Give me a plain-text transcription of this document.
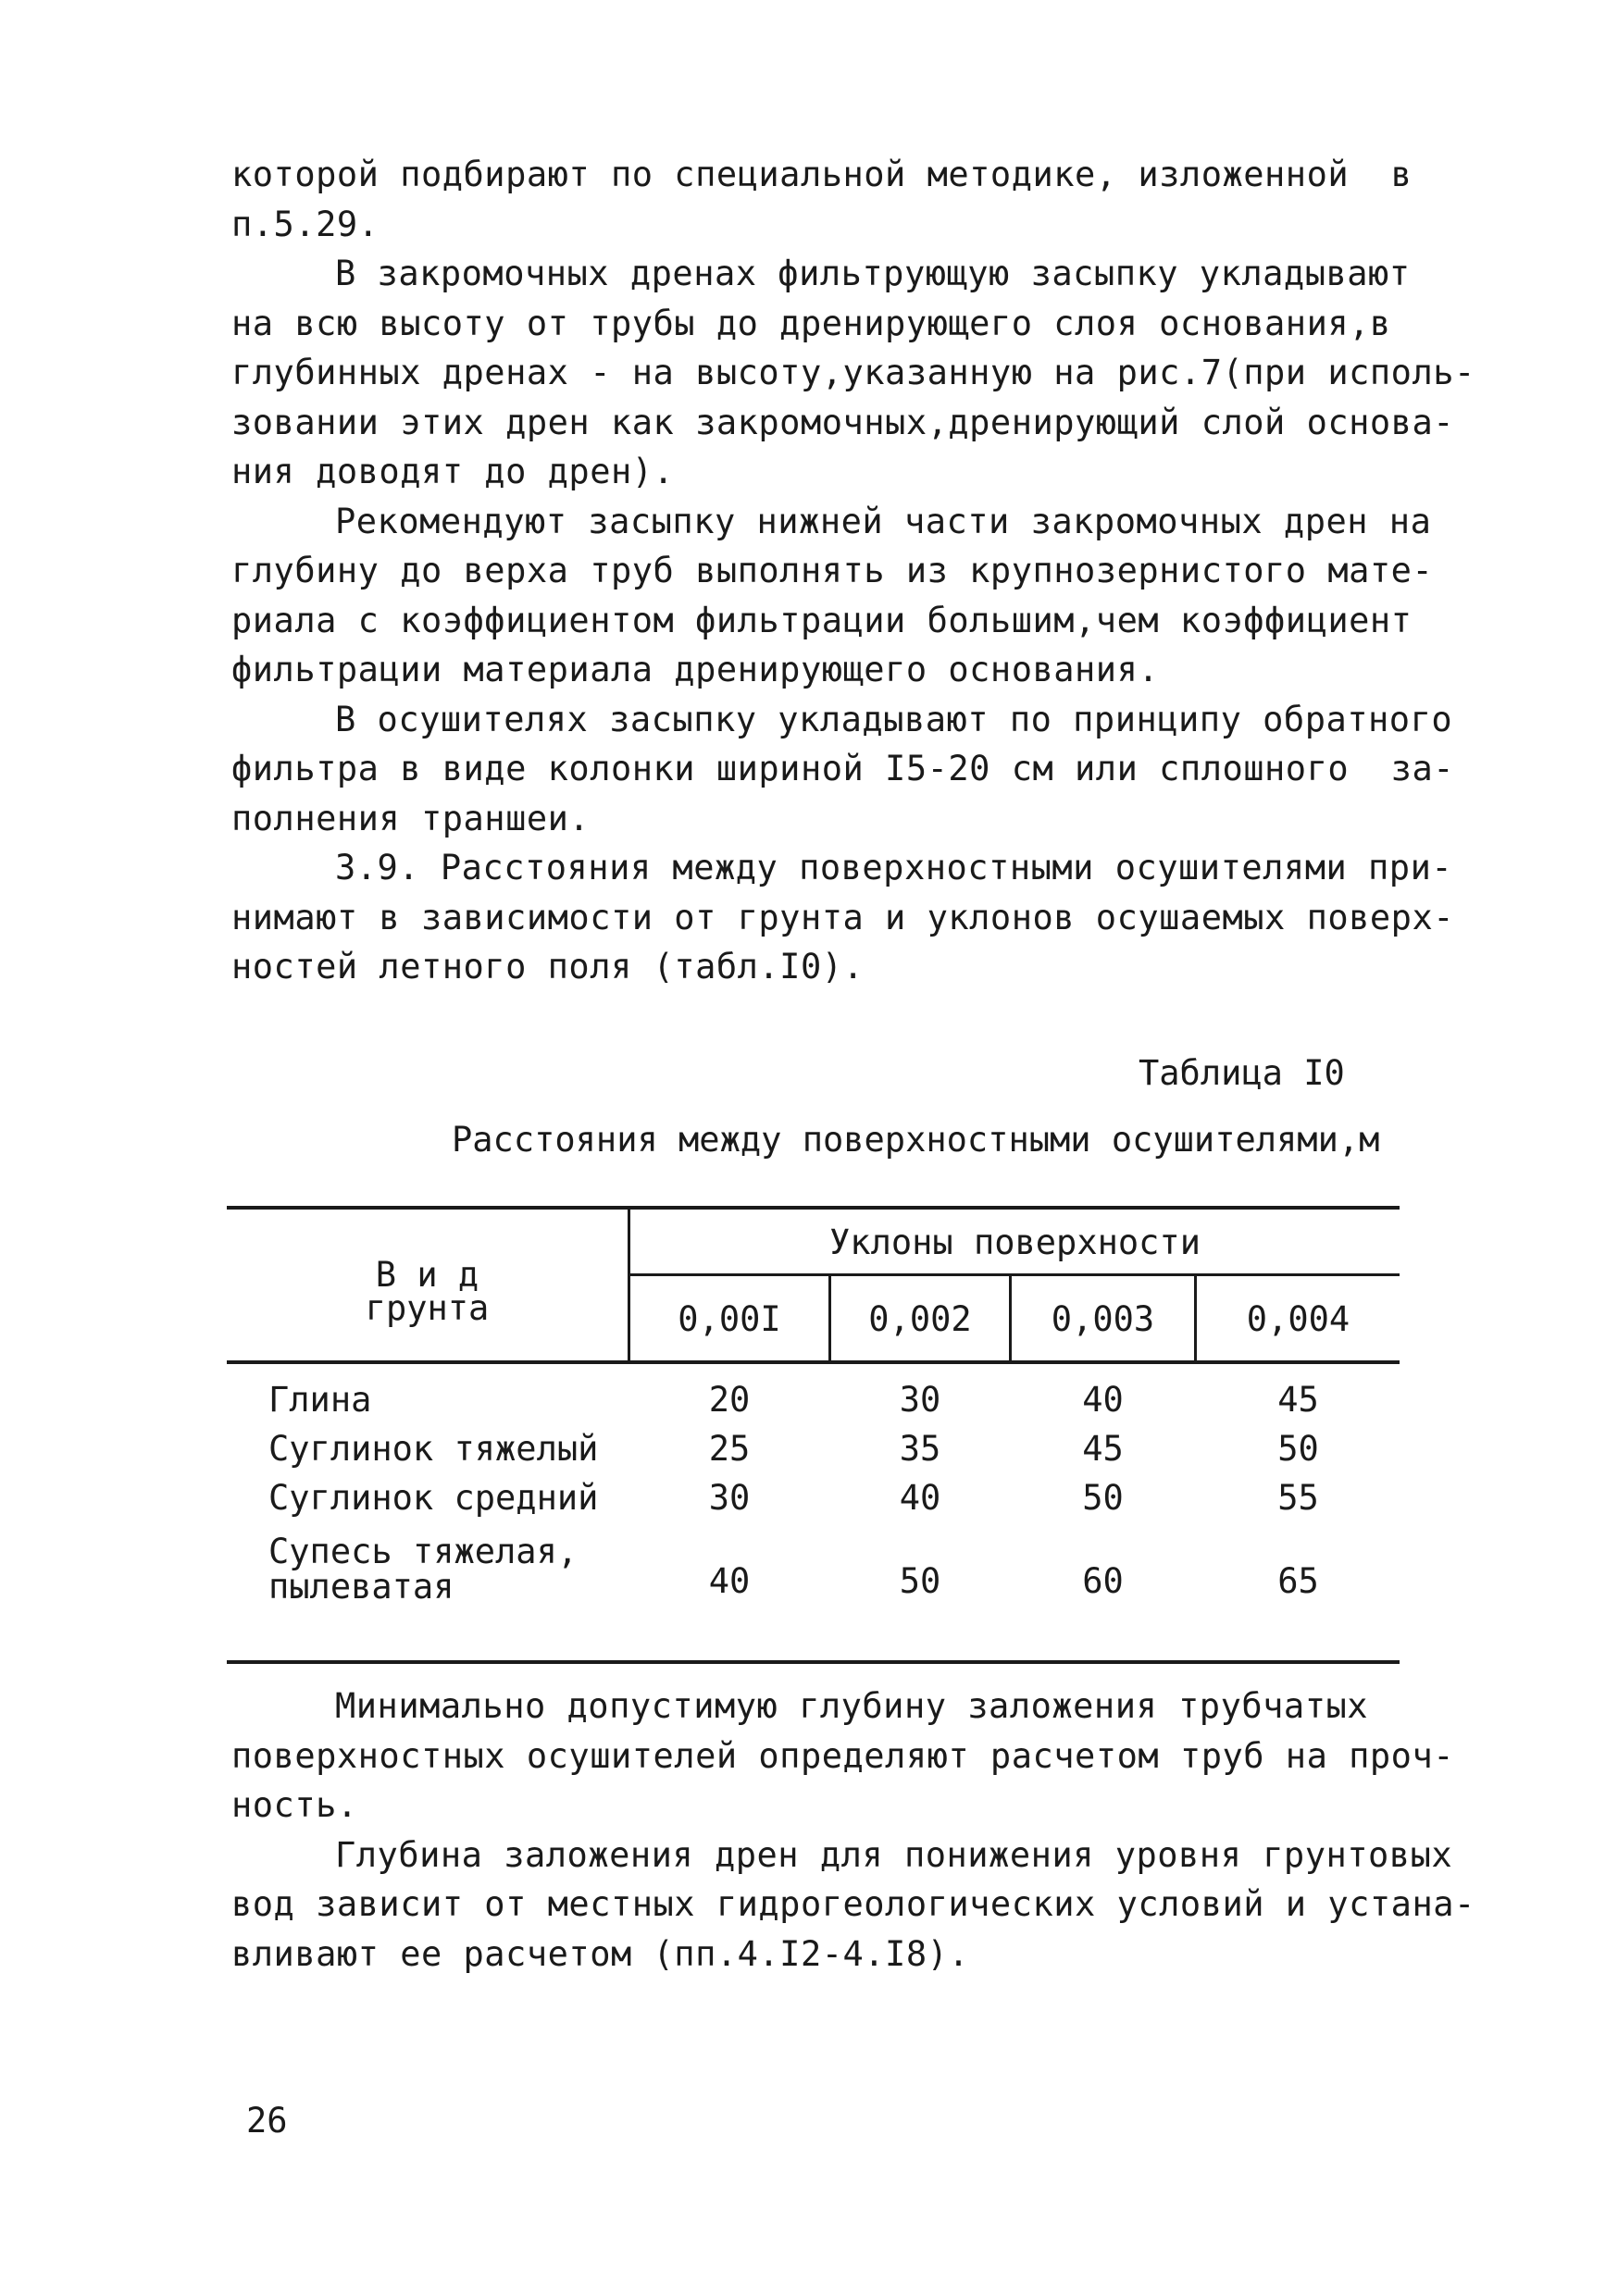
которой подбирают по специальной методике, изложенной  в
п.5.29.
В закромочных дренах фильтрующую засыпку укладывают
на всю высоту от трубы до дренирующего слоя основания,в
глубинных дренах - на высоту,указанную на рис.7(при исполь-
зовании этих дрен как закромочных,дренирующий слой основа-
ния доводят до дрен).
Рекомендуют засыпку нижней части закромочных дрен на
глубину до верха труб выполнять из крупнозернистого мате-
риала с коэффициентом фильтрации большим,чем коэффициент
фильтрации материала дренирующего основания.
В осушителях засыпку укладывают по принципу обратного
фильтра в виде колонки шириной I5-20 см или сплошного  за-
полнения траншеи.
3.9. Расстояния между поверхностными осушителями при-
нимают в зависимости от грунта и уклонов осушаемых поверх-
ностей летного поля (табл.I0).
Таблица I0
Расстояния между поверхностными осушителями,м
В и д
грунта
Уклоны поверхности
0,00I	0,002	0,003	0,004
Глина	20	30	40	45
Суглинок тяжелый	25	35	45	50
Суглинок средний	30	40	50	55
Супесь тяжелая,
пылеватая	40	50	60	65
Минимально допустимую глубину заложения трубчатых
поверхностных осушителей определяют расчетом труб на проч-
ность.
Глубина заложения дрен для понижения уровня грунтовых
вод зависит от местных гидрогеологических условий и устана-
вливают ее расчетом (пп.4.I2-4.I8).
26
